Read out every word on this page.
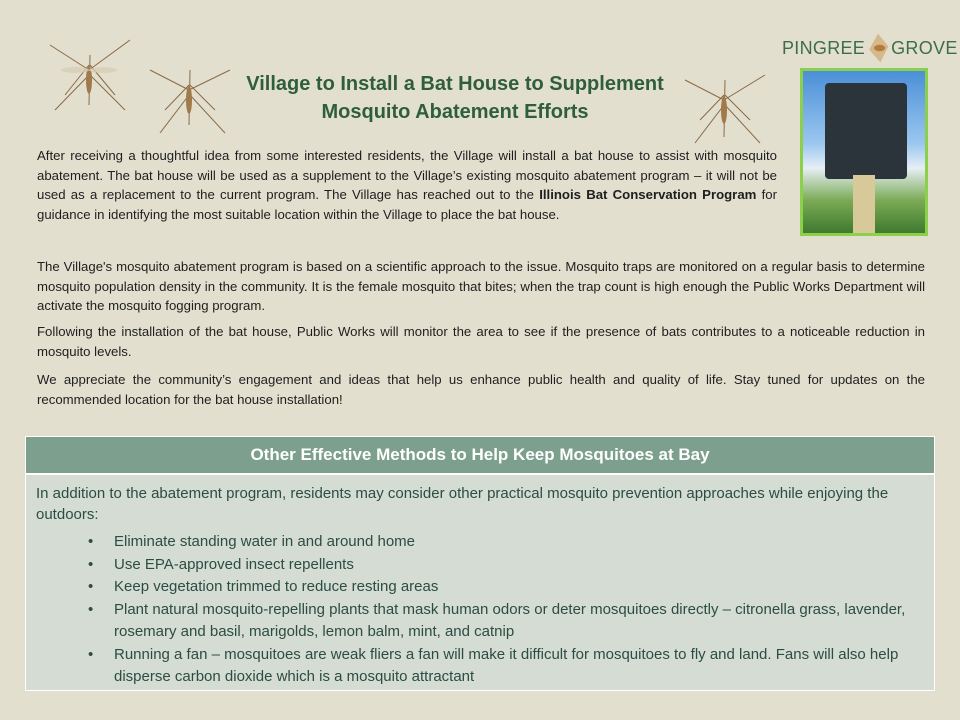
PINGREE GROVE
Village to Install a Bat House to Supplement
Mosquito Abatement Efforts

After receiving a thoughtful idea from some interested residents, the Village will install a bat house to assist with mosquito abatement. The bat house will be used as a supplement to the Village’s existing mosquito abatement program – it will not be used as a replacement to the current program. The Village has reached out to the Illinois Bat Conservation Program for guidance in identifying the most suitable location within the Village to place the bat house.

The Village's mosquito abatement program is based on a scientific approach to the issue. Mosquito traps are monitored on a regular basis to determine mosquito population density in the community. It is the female mosquito that bites; when the trap count is high enough the Public Works Department will activate the mosquito fogging program.

Following the installation of the bat house, Public Works will monitor the area to see if the presence of bats contributes to a noticeable reduction in mosquito levels.

We appreciate the community’s engagement and ideas that help us enhance public health and quality of life. Stay tuned for updates on the recommended location for the bat house installation!

Other Effective Methods to Help Keep Mosquitoes at Bay
In addition to the abatement program, residents may consider other practical mosquito prevention approaches while enjoying the outdoors:
• Eliminate standing water in and around home
• Use EPA-approved insect repellents
• Keep vegetation trimmed to reduce resting areas
• Plant natural mosquito-repelling plants that mask human odors or deter mosquitoes directly – citronella grass, lavender, rosemary and basil, marigolds, lemon balm, mint, and catnip
• Running a fan – mosquitoes are weak fliers a fan will make it difficult for mosquitoes to fly and land. Fans will also help disperse carbon dioxide which is a mosquito attractant
